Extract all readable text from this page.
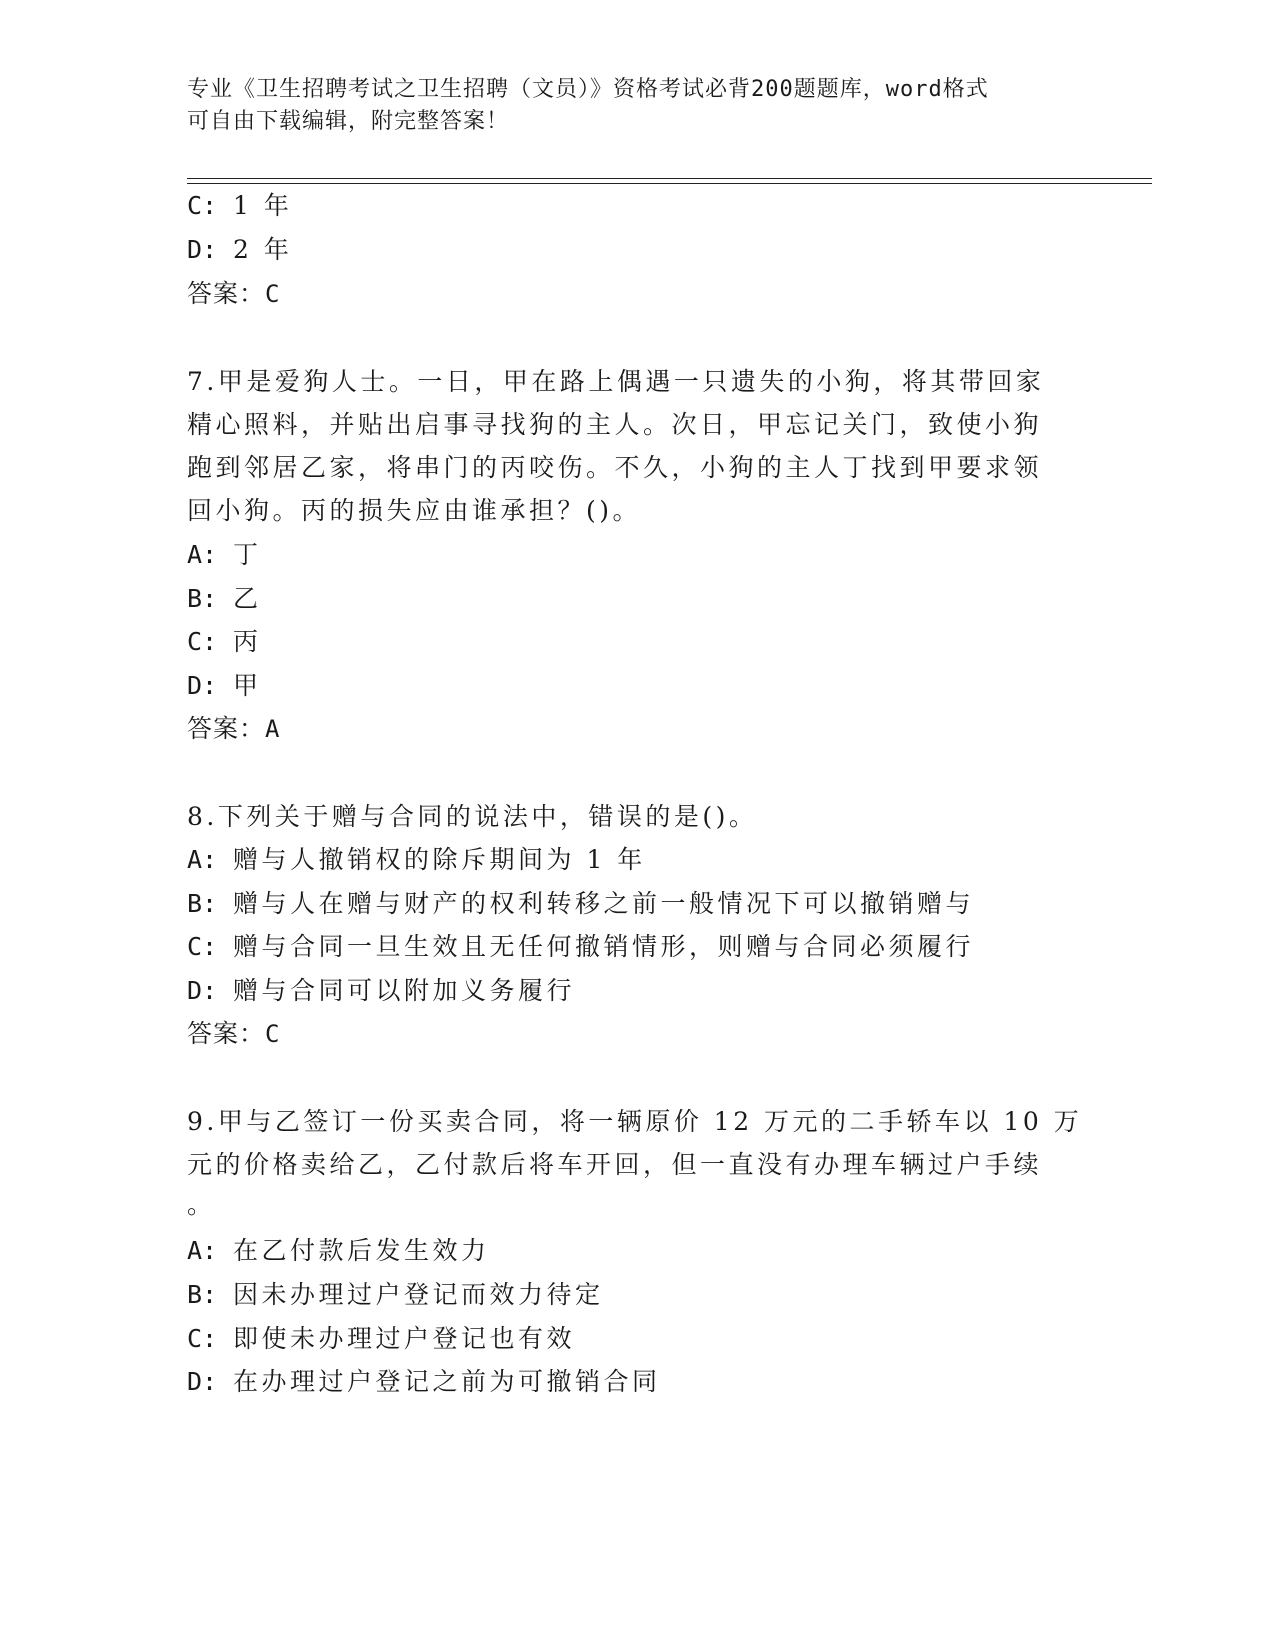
专业《卫生招聘考试之卫生招聘（文员）》资格考试必背200题题库，word格式
可自由下载编辑，附完整答案！
C: 1 年
D: 2 年
答案：C
7.甲是爱狗人士。一日，甲在路上偶遇一只遗失的小狗，将其带回家
精心照料，并贴出启事寻找狗的主人。次日，甲忘记关门，致使小狗
跑到邻居乙家，将串门的丙咬伤。不久，小狗的主人丁找到甲要求领
回小狗。丙的损失应由谁承担？()。
A: 丁
B: 乙
C: 丙
D: 甲
答案：A
8.下列关于赠与合同的说法中，错误的是()。
A: 赠与人撤销权的除斥期间为 1 年
B: 赠与人在赠与财产的权利转移之前一般情况下可以撤销赠与
C: 赠与合同一旦生效且无任何撤销情形，则赠与合同必须履行
D: 赠与合同可以附加义务履行
答案：C
9.甲与乙签订一份买卖合同，将一辆原价 12 万元的二手轿车以 10 万
元的价格卖给乙，乙付款后将车开回，但一直没有办理车辆过户手续
。
A: 在乙付款后发生效力
B: 因未办理过户登记而效力待定
C: 即使未办理过户登记也有效
D: 在办理过户登记之前为可撤销合同
